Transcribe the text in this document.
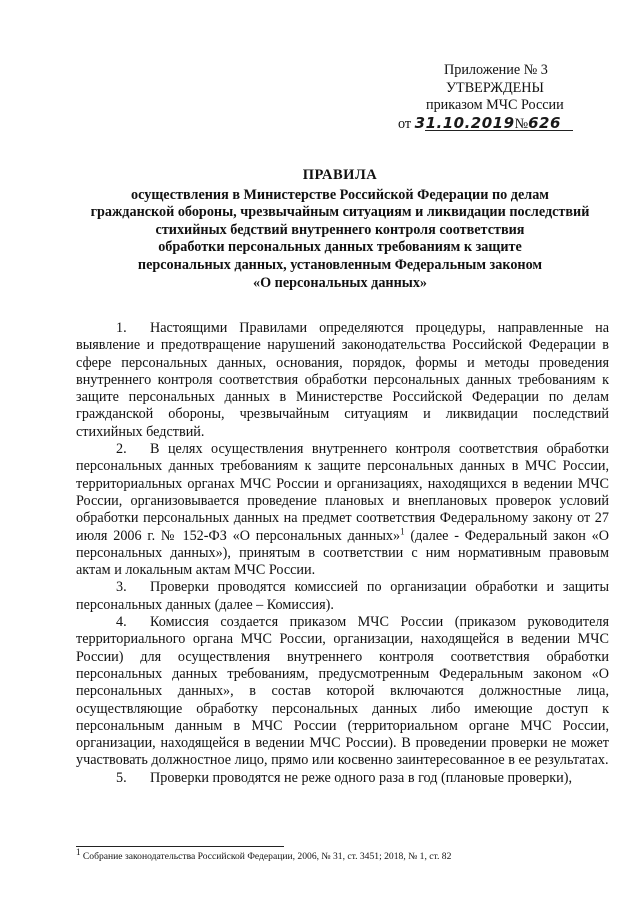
Приложение № 3
УТВЕРЖДЕНЫ
приказом МЧС России
от 31.10.2019№626
ПРАВИЛА
осуществления в Министерстве Российской Федерации по делам
гражданской обороны, чрезвычайным ситуациям и ликвидации последствий
стихийных бедствий внутреннего контроля соответствия
обработки персональных данных требованиям к защите
персональных данных, установленным Федеральным законом
«О персональных данных»

1. Настоящими Правилами определяются процедуры, направленные на выявление и предотвращение нарушений законодательства Российской Федерации в сфере персональных данных, основания, порядок, формы и методы проведения внутреннего контроля соответствия обработки персональных данных требованиям к защите персональных данных в Министерстве Российской Федерации по делам гражданской обороны, чрезвычайным ситуациям и ликвидации последствий стихийных бедствий.

2. В целях осуществления внутреннего контроля соответствия обработки персональных данных требованиям к защите персональных данных в МЧС России, территориальных органах МЧС России и организациях, находящихся в ведении МЧС России, организовывается проведение плановых и внеплановых проверок условий обработки персональных данных на предмет соответствия Федеральному закону от 27 июля 2006 г. № 152-ФЗ «О персональных данных»$^1$ (далее - Федеральный закон «О персональных данных»), принятым в соответствии с ним нормативным правовым актам и локальным актам МЧС России.

3. Проверки проводятся комиссией по организации обработки и защиты персональных данных (далее – Комиссия).

4. Комиссия создается приказом МЧС России (приказом руководителя территориального органа МЧС России, организации, находящейся в ведении МЧС России) для осуществления внутреннего контроля соответствия обработки персональных данных требованиям, предусмотренным Федеральным законом «О персональных данных», в состав которой включаются должностные лица, осуществляющие обработку персональных данных либо имеющие доступ к персональным данным в МЧС России (территориальном органе МЧС России, организации, находящейся в ведении МЧС России). В проведении проверки не может участвовать должностное лицо, прямо или косвенно заинтересованное в ее результатах.

5. Проверки проводятся не реже одного раза в год (плановые проверки),

$^1$ Собрание законодательства Российской Федерации, 2006, № 31, ст. 3451; 2018, № 1, ст. 82
